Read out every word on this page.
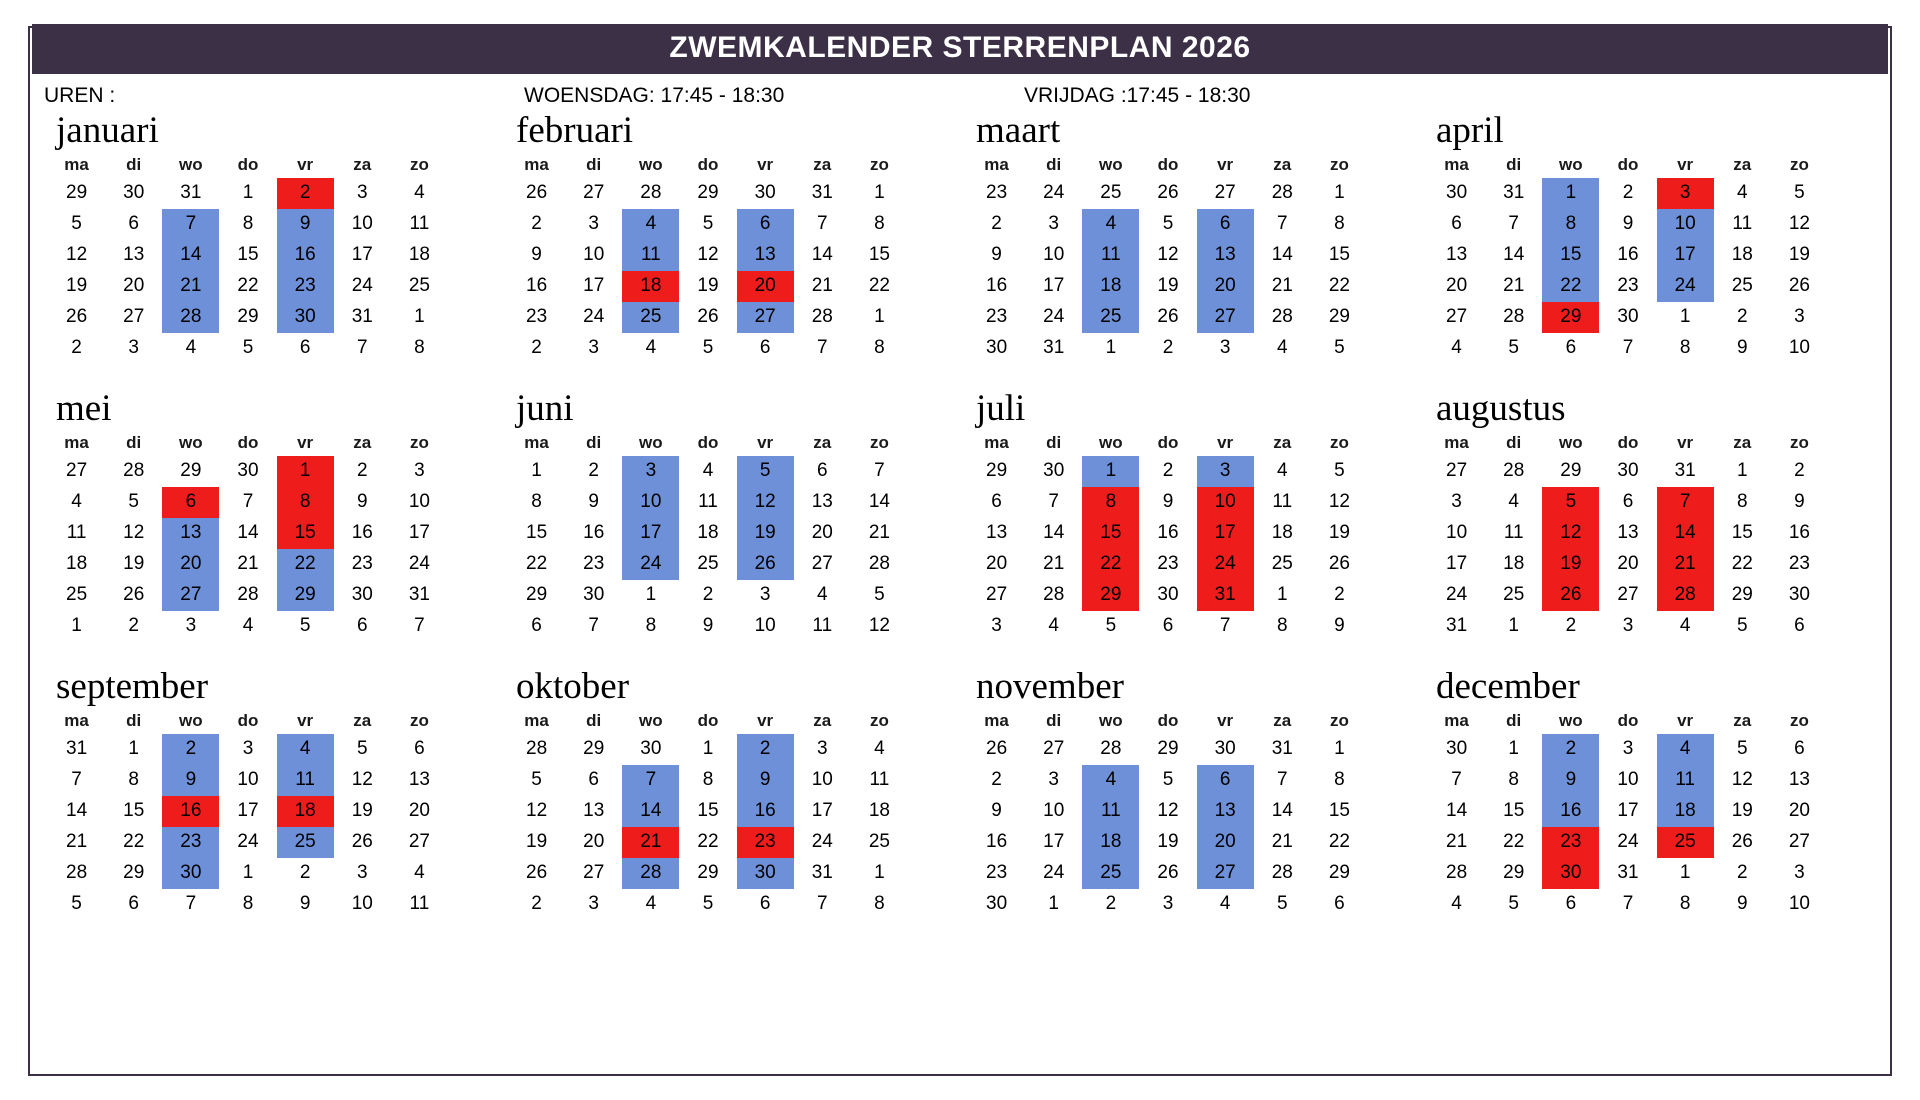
ZWEMKALENDER STERRENPLAN 2026
UREN :	WOENSDAG: 17:45 - 18:30	VRIJDAG :17:45 - 18:30
januari
ma	di	wo	do	vr	za	zo
29	30	31	1	2	3	4
5	6	7	8	9	10	11
12	13	14	15	16	17	18
19	20	21	22	23	24	25
26	27	28	29	30	31	1
2	3	4	5	6	7	8
februari
ma	di	wo	do	vr	za	zo
26	27	28	29	30	31	1
2	3	4	5	6	7	8
9	10	11	12	13	14	15
16	17	18	19	20	21	22
23	24	25	26	27	28	1
2	3	4	5	6	7	8
maart
ma	di	wo	do	vr	za	zo
23	24	25	26	27	28	1
2	3	4	5	6	7	8
9	10	11	12	13	14	15
16	17	18	19	20	21	22
23	24	25	26	27	28	29
30	31	1	2	3	4	5
april
ma	di	wo	do	vr	za	zo
30	31	1	2	3	4	5
6	7	8	9	10	11	12
13	14	15	16	17	18	19
20	21	22	23	24	25	26
27	28	29	30	1	2	3
4	5	6	7	8	9	10
mei
ma	di	wo	do	vr	za	zo
27	28	29	30	1	2	3
4	5	6	7	8	9	10
11	12	13	14	15	16	17
18	19	20	21	22	23	24
25	26	27	28	29	30	31
1	2	3	4	5	6	7
juni
ma	di	wo	do	vr	za	zo
1	2	3	4	5	6	7
8	9	10	11	12	13	14
15	16	17	18	19	20	21
22	23	24	25	26	27	28
29	30	1	2	3	4	5
6	7	8	9	10	11	12
juli
ma	di	wo	do	vr	za	zo
29	30	1	2	3	4	5
6	7	8	9	10	11	12
13	14	15	16	17	18	19
20	21	22	23	24	25	26
27	28	29	30	31	1	2
3	4	5	6	7	8	9
augustus
ma	di	wo	do	vr	za	zo
27	28	29	30	31	1	2
3	4	5	6	7	8	9
10	11	12	13	14	15	16
17	18	19	20	21	22	23
24	25	26	27	28	29	30
31	1	2	3	4	5	6
september
ma	di	wo	do	vr	za	zo
31	1	2	3	4	5	6
7	8	9	10	11	12	13
14	15	16	17	18	19	20
21	22	23	24	25	26	27
28	29	30	1	2	3	4
5	6	7	8	9	10	11
oktober
ma	di	wo	do	vr	za	zo
28	29	30	1	2	3	4
5	6	7	8	9	10	11
12	13	14	15	16	17	18
19	20	21	22	23	24	25
26	27	28	29	30	31	1
2	3	4	5	6	7	8
november
ma	di	wo	do	vr	za	zo
26	27	28	29	30	31	1
2	3	4	5	6	7	8
9	10	11	12	13	14	15
16	17	18	19	20	21	22
23	24	25	26	27	28	29
30	1	2	3	4	5	6
december
ma	di	wo	do	vr	za	zo
30	1	2	3	4	5	6
7	8	9	10	11	12	13
14	15	16	17	18	19	20
21	22	23	24	25	26	27
28	29	30	31	1	2	3
4	5	6	7	8	9	10
